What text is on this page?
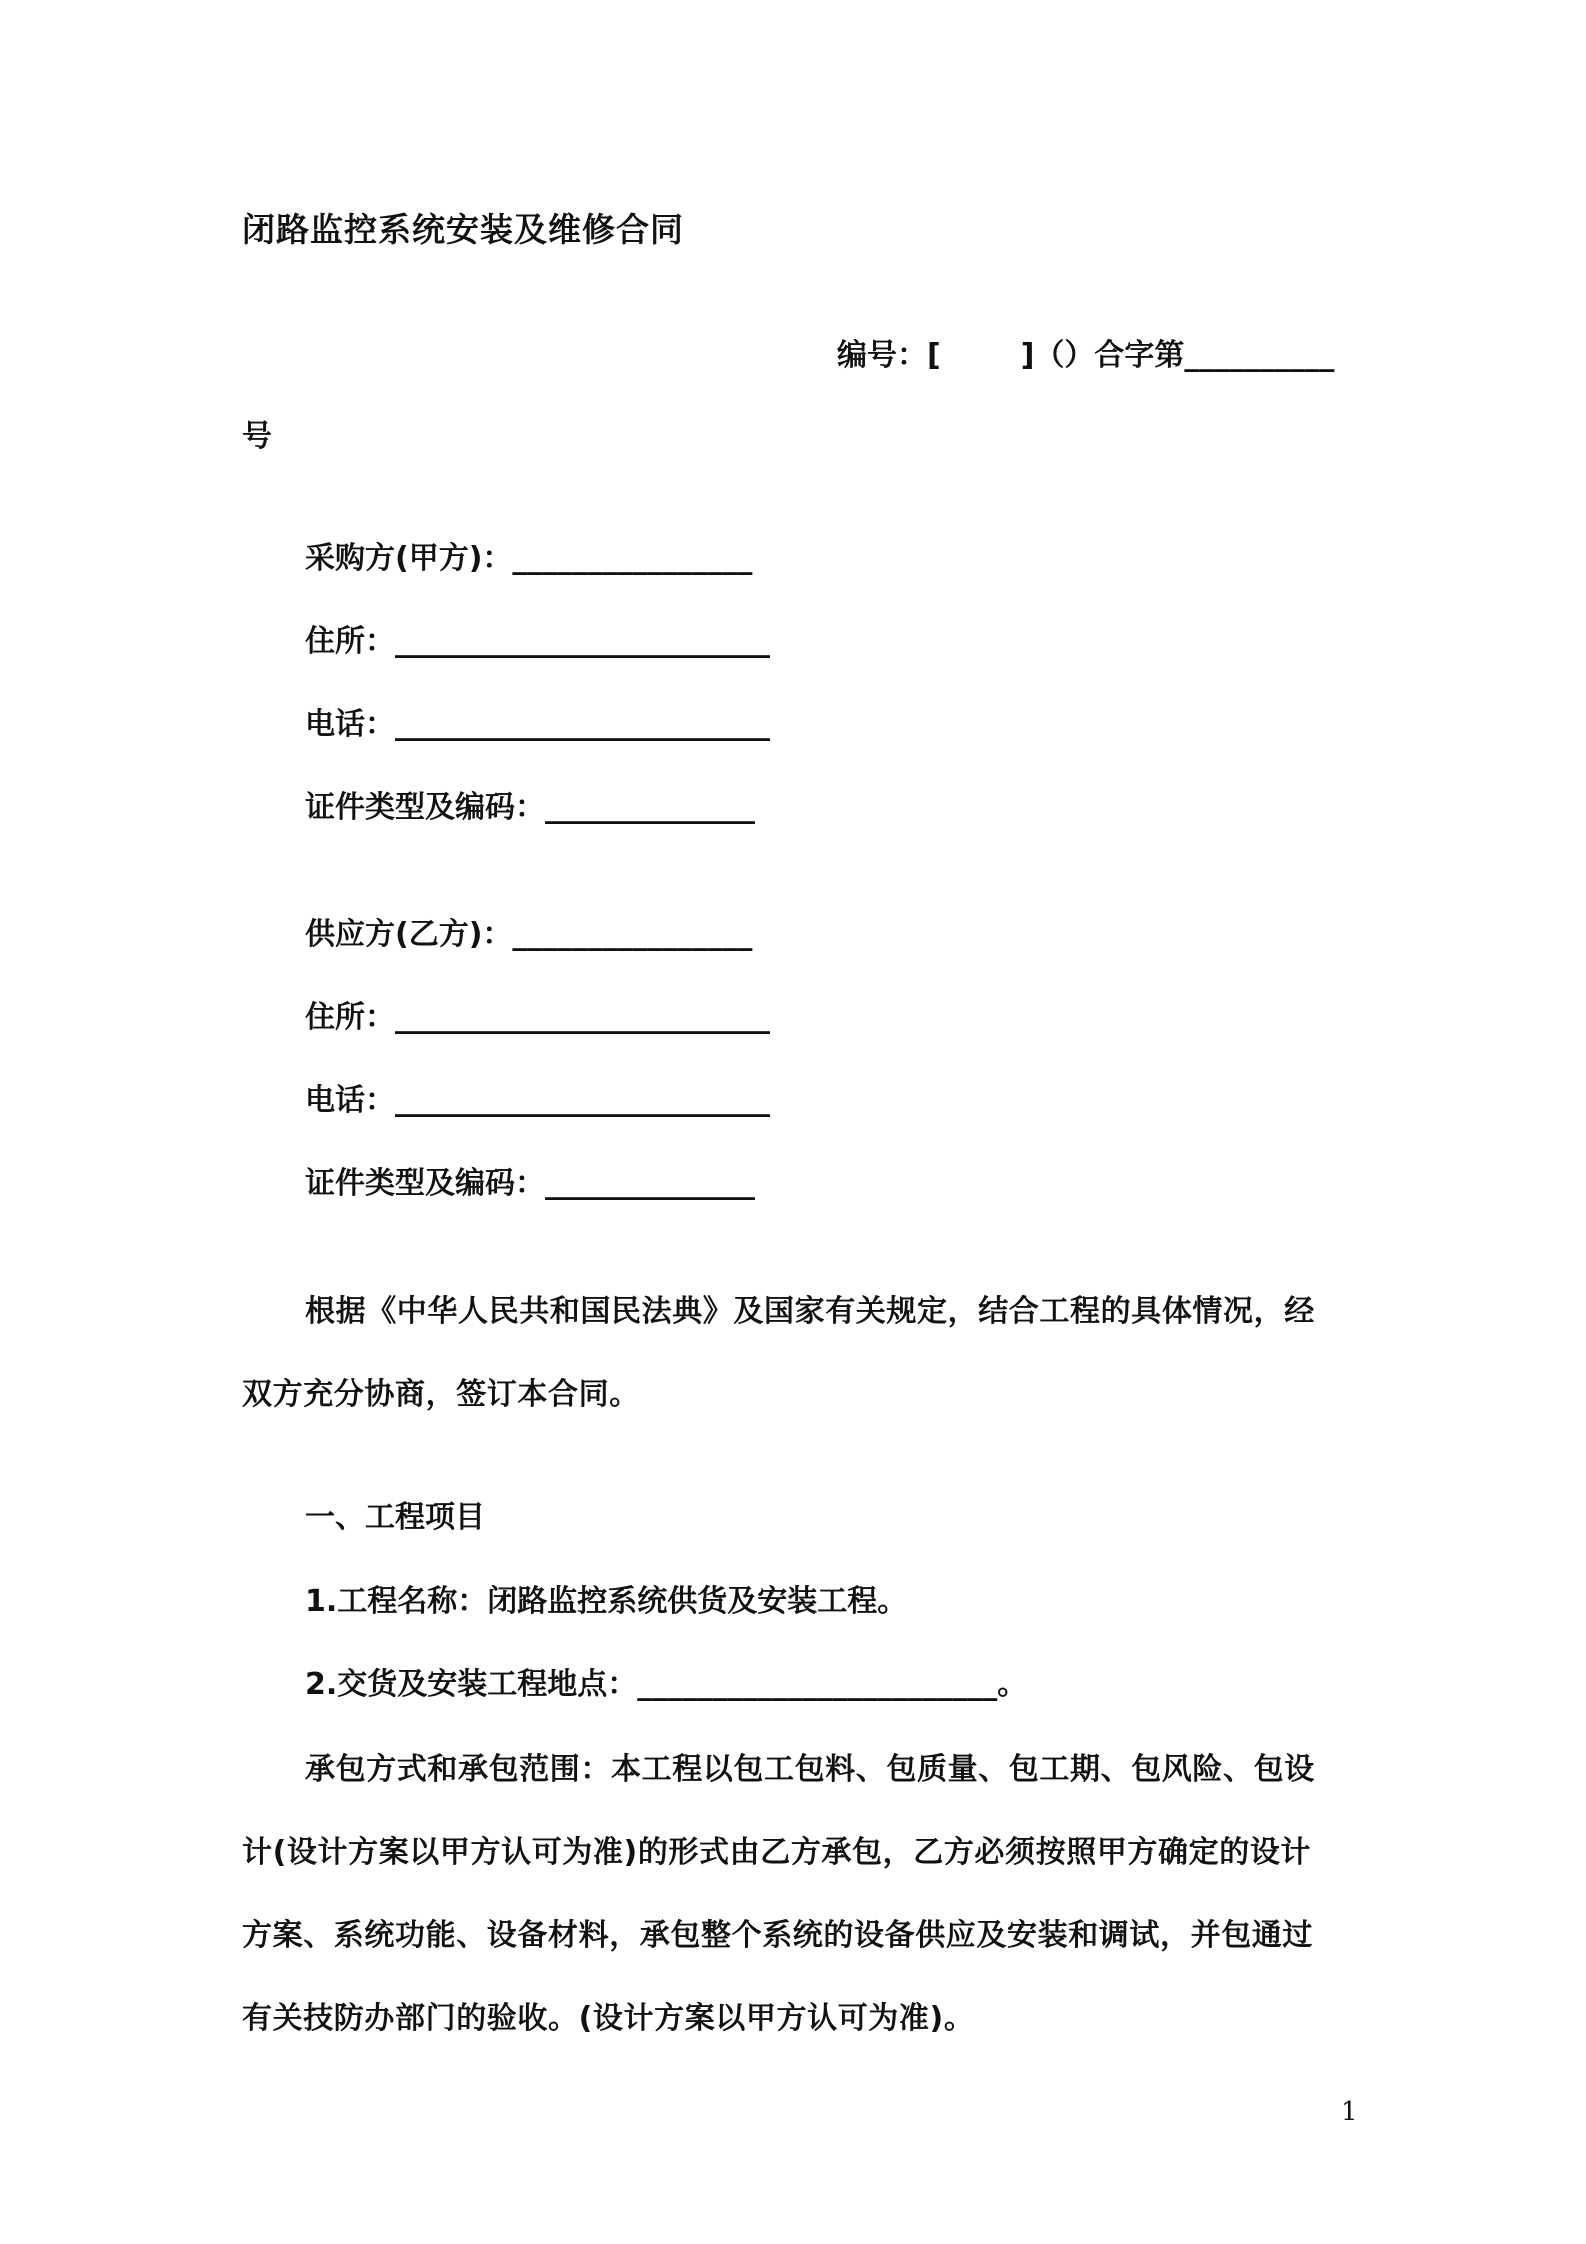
闭路监控系统安装及维修合同
编号：[	]（）合字第__________
号
采购方(甲方)：________________
住所：_________________________
电话：_________________________
证件类型及编码：______________
供应方(乙方)：________________
住所：_________________________
电话：_________________________
证件类型及编码：______________
根据《中华人民共和国民法典》及国家有关规定，结合工程的具体情况，经
双方充分协商，签订本合同。
一、工程项目
1.工程名称：闭路监控系统供货及安装工程。
2.交货及安装工程地点：________________________。
承包方式和承包范围：本工程以包工包料、包质量、包工期、包风险、包设
计(设计方案以甲方认可为准)的形式由乙方承包，乙方必须按照甲方确定的设计
方案、系统功能、设备材料，承包整个系统的设备供应及安装和调试，并包通过
有关技防办部门的验收。(设计方案以甲方认可为准)。
1
